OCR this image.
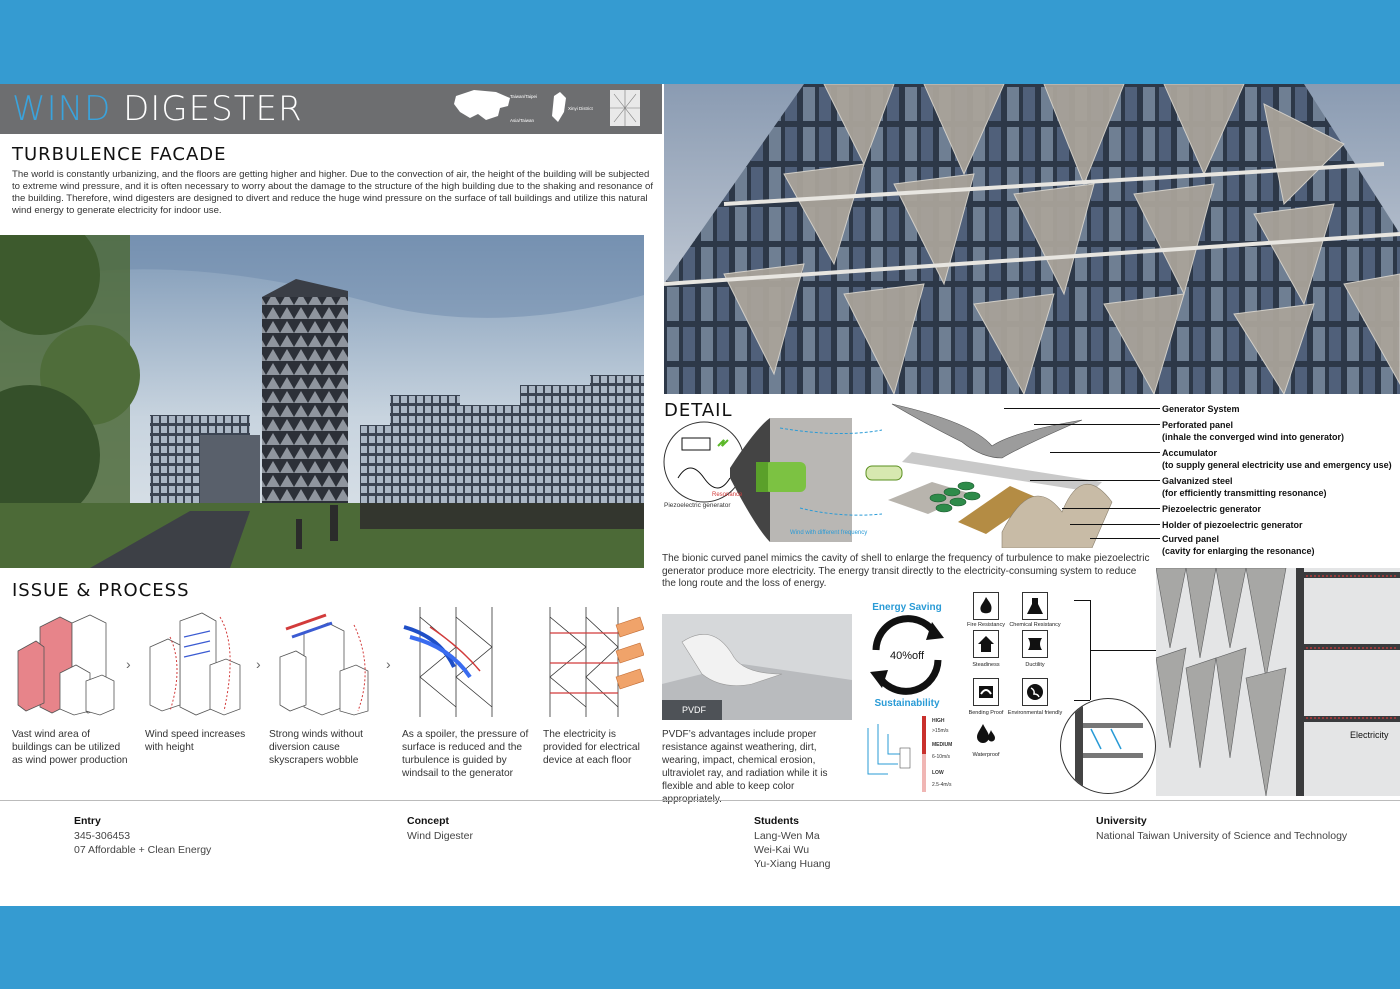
WIND DIGESTER	Taiwan/Taipei
Asia/Taiwan
Xinyi District
TURBULENCE FACADE
The world is constantly urbanizing, and the floors are getting higher and higher. Due to the convection of air, the height of the building will be subjected to extreme wind pressure, and it is often necessary to worry about the damage to the structure of the high building due to the shaking and resonance of the building. Therefore, wind digesters are designed to divert and reduce the huge wind pressure on the surface of tall buildings and utilize this natural wind energy to generate electricity for indoor use.
ISSUE & PROCESS
›	›	›
Vast wind area of buildings can be utilized as wind power production
Wind speed increases with height
Strong winds without diversion cause skyscrapers wobble
As a spoiler, the pressure of surface is reduced and the turbulence is guided by windsail to the generator
The electricity is provided for electrical device at each floor
DETAIL
Resonance
Wind with different frequency
Piezoelectric generator
Generator System
Perforated panel
(inhale the converged wind into generator)
Accumulator
(to supply general electricity use and emergency use)
Galvanized steel
(for efficiently transmitting resonance)
Piezoelectric generator
Holder of piezoelectric generator
Curved panel
(cavity for enlarging the resonance)
The bionic curved panel mimics the cavity of shell to enlarge the frequency of turbulence to make piezoelectric generator produce more electricity. The energy transit directly to the electricity-consuming system to reduce the long route and the loss of energy.
PVDF
PVDF’s advantages include proper resistance against weathering, dirt, wearing, impact, chemical erosion, ultraviolet ray, and radiation while it is flexible and able to keep color
Energy Saving
40%off
Sustainability
HIGH
>15m/s
MEDIUM
6-10m/s
LOW
2.5-4m/s
Fire Resistancy Chemical Resistancy
Steadiness	Ductility
Bending Proof Environmental friendly
Waterproof
Electricity
Entry
345-306453
07 Affordable + Clean Energy
Concept
Wind Digester
Students
Lang-Wen Ma
Wei-Kai Wu
Yu-Xiang Huang
University
National Taiwan University of Science and Technology
